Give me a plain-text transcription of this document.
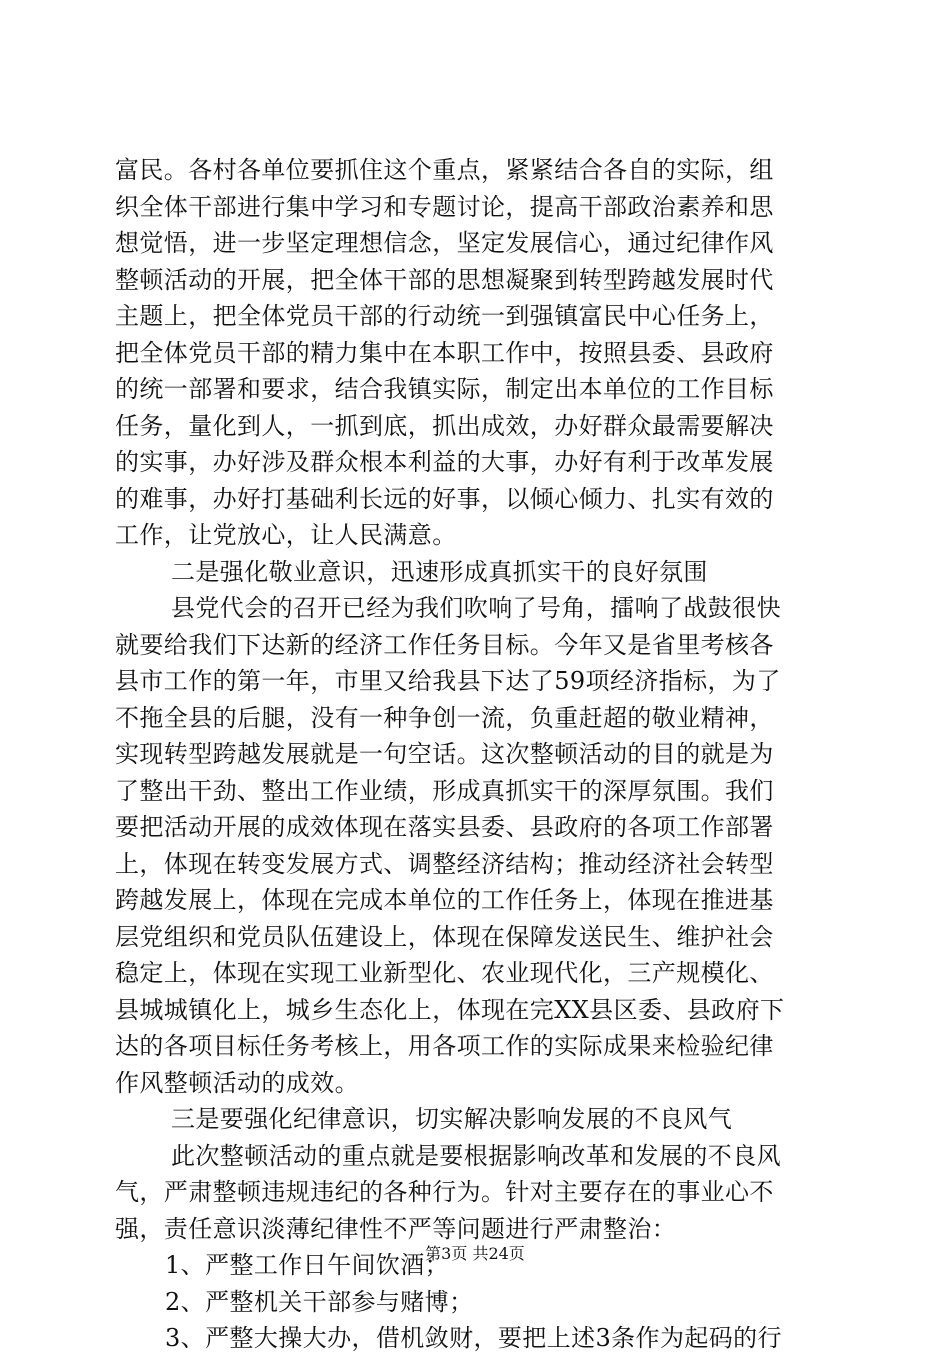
富民。各村各单位要抓住这个重点，紧紧结合各自的实际，组
织全体干部进行集中学习和专题讨论，提高干部政治素养和思
想觉悟，进一步坚定理想信念，坚定发展信心，通过纪律作风
整顿活动的开展，把全体干部的思想凝聚到转型跨越发展时代
主题上，把全体党员干部的行动统一到强镇富民中心任务上，
把全体党员干部的精力集中在本职工作中，按照县委、县政府
的统一部署和要求，结合我镇实际，制定出本单位的工作目标
任务，量化到人，一抓到底，抓出成效，办好群众最需要解决
的实事，办好涉及群众根本利益的大事，办好有利于改革发展
的难事，办好打基础利长远的好事，以倾心倾力、扎实有效的
工作，让党放心，让人民满意。
二是强化敬业意识，迅速形成真抓实干的良好氛围
县党代会的召开已经为我们吹响了号角，擂响了战鼓很快
就要给我们下达新的经济工作任务目标。今年又是省里考核各
县市工作的第一年，市里又给我县下达了59项经济指标，为了
不拖全县的后腿，没有一种争创一流，负重赶超的敬业精神，
实现转型跨越发展就是一句空话。这次整顿活动的目的就是为
了整出干劲、整出工作业绩，形成真抓实干的深厚氛围。我们
要把活动开展的成效体现在落实县委、县政府的各项工作部署
上，体现在转变发展方式、调整经济结构；推动经济社会转型
跨越发展上，体现在完成本单位的工作任务上，体现在推进基
层党组织和党员队伍建设上，体现在保障发送民生、维护社会
稳定上，体现在实现工业新型化、农业现代化，三产规模化、
县城城镇化上，城乡生态化上，体现在完XX县区委、县政府下
达的各项目标任务考核上，用各项工作的实际成果来检验纪律
作风整顿活动的成效。
三是要强化纪律意识，切实解决影响发展的不良风气
此次整顿活动的重点就是要根据影响改革和发展的不良风
气，严肃整顿违规违纪的各种行为。针对主要存在的事业心不
强，责任意识淡薄纪律性不严等问题进行严肃整治：
1、严整工作日午间饮酒；
2、严整机关干部参与赌博；
3、严整大操大办，借机敛财，要把上述3条作为起码的行
第3页 共24页
